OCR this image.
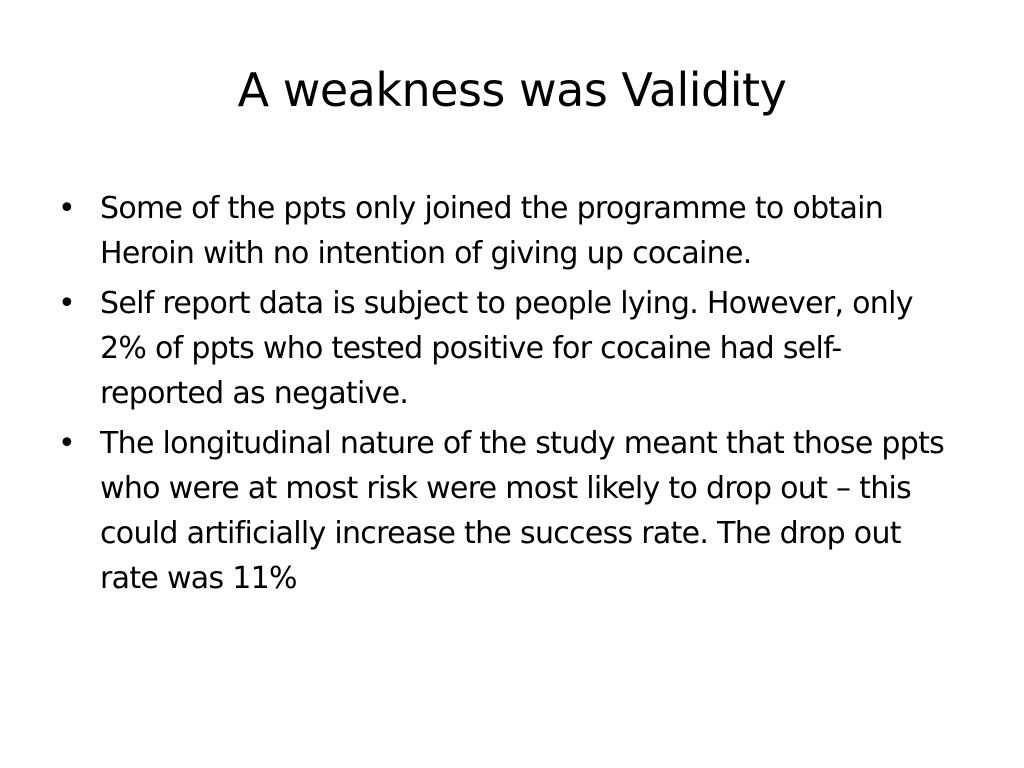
A weakness was Validity
• Some of the ppts only joined the programme to obtain Heroin with no intention of giving up cocaine.
• Self report data is subject to people lying. However, only 2% of ppts who tested positive for cocaine had self-reported as negative.
• The longitudinal nature of the study meant that those ppts who were at most risk were most likely to drop out – this could artificially increase the success rate. The drop out rate was 11%
